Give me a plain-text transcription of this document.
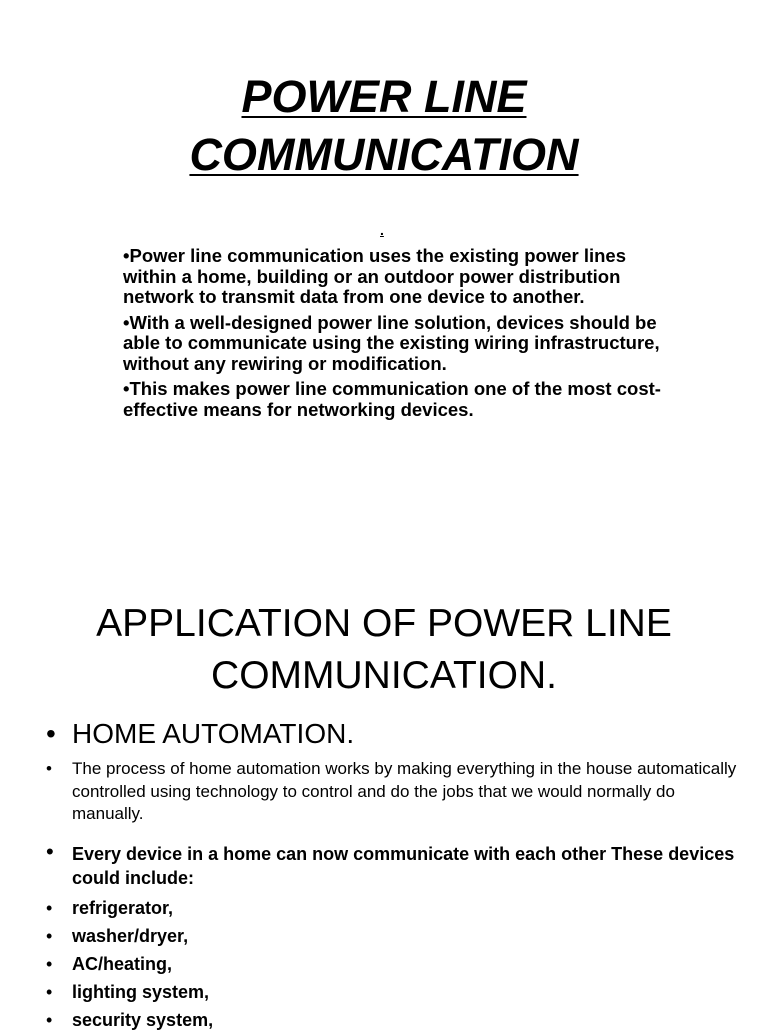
POWER LINE
COMMUNICATION
.

•Power line communication uses the existing power lines within a home, building or an outdoor power distribution network to transmit data from one device to another.

•With a well-designed power line solution, devices should be able to communicate using the existing wiring infrastructure, without any rewiring or modification.

•This makes power line communication one of the most cost-effective means for networking devices.

APPLICATION OF POWER LINE
COMMUNICATION.
• HOME AUTOMATION.
• The process of home automation works by making everything in the house automatically controlled using technology to control and do the jobs that we would normally do manually.
• Every device in a home can now communicate with each other These devices could include:
• refrigerator,
• washer/dryer,
• AC/heating,
• lighting system,
• security system,
